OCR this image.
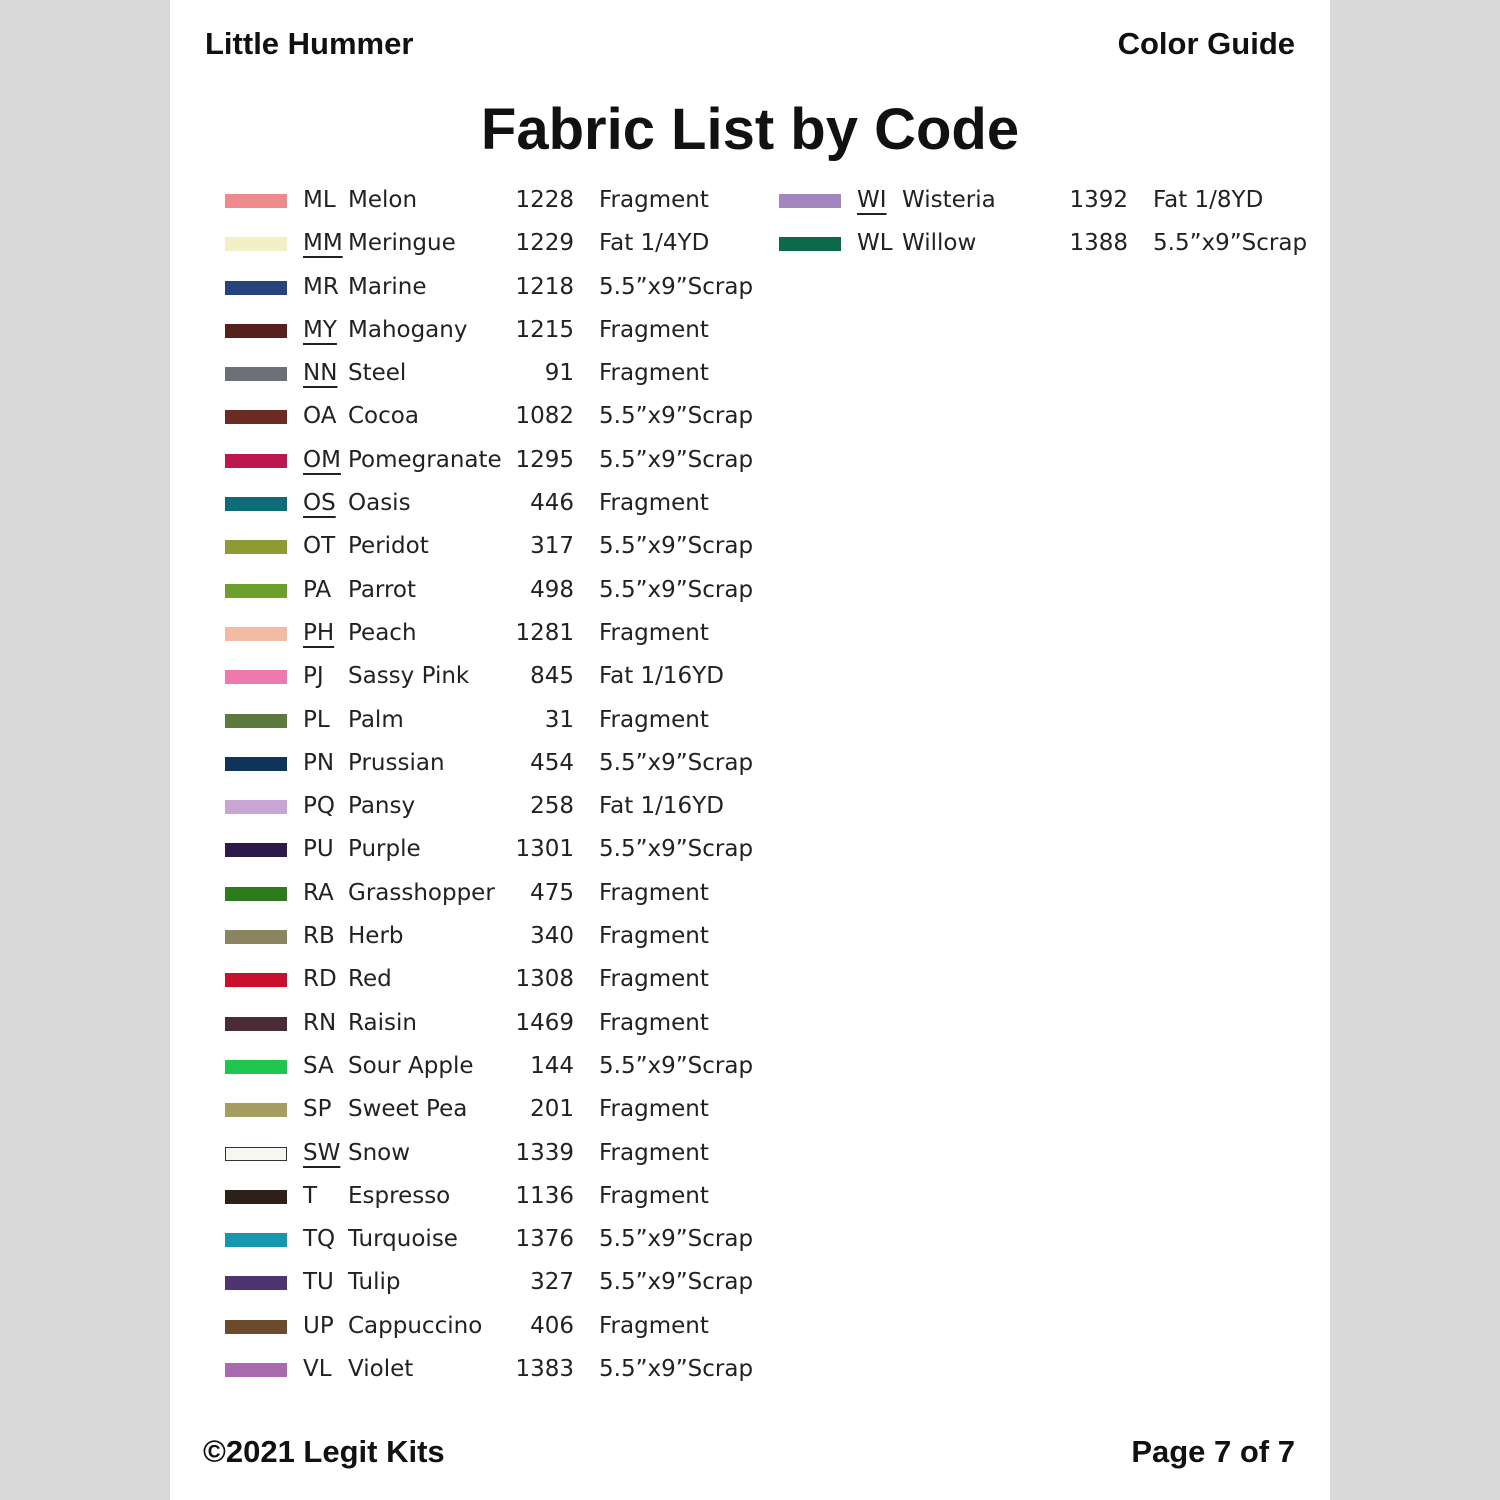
Little Hummer	Color Guide
Fabric List by Code
ML Melon	1228 Fragment
MM Meringue	1229 Fat 1/4YD
MR Marine	1218 5.5”x9”Scrap
MY Mahogany	1215 Fragment
NN Steel	91 Fragment
OA Cocoa	1082 5.5”x9”Scrap
OM Pomegranate 1295 5.5”x9”Scrap
OS Oasis	446 Fragment
OT Peridot	317 5.5”x9”Scrap
PA Parrot	498 5.5”x9”Scrap
PH Peach	1281 Fragment
PJ Sassy Pink	845 Fat 1/16YD
PL Palm	31 Fragment
PN Prussian	454 5.5”x9”Scrap
PQ Pansy	258 Fat 1/16YD
PU Purple	1301 5.5”x9”Scrap
RA Grasshopper	475 Fragment
RB Herb	340 Fragment
RD Red	1308 Fragment
RN Raisin	1469 Fragment
SA Sour Apple	144 5.5”x9”Scrap
SP Sweet Pea	201 Fragment
SW Snow	1339 Fragment
T Espresso	1136 Fragment
TQ Turquoise	1376 5.5”x9”Scrap
TU Tulip	327 5.5”x9”Scrap
UP Cappuccino	406 Fragment
VL Violet	1383 5.5”x9”Scrap
WI Wisteria	1392 Fat 1/8YD
WL Willow	1388 5.5”x9”Scrap
©2021 Legit Kits	Page 7 of 7
